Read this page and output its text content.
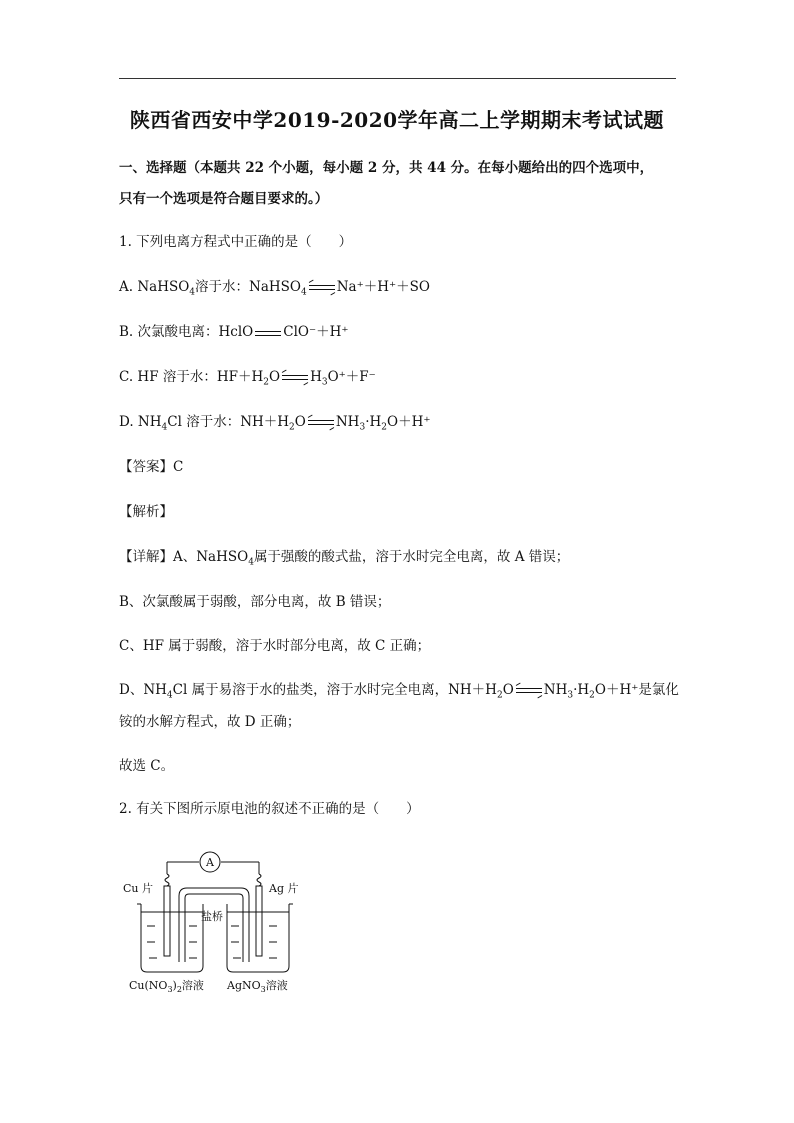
陕西省西安中学2019-2020学年高二上学期期末考试试题
一、选择题（本题共 22 个小题，每小题 2 分，共 44 分。在每小题给出的四个选项中，
只有一个选项是符合题目要求的。）
1. 下列电离方程式中正确的是（　　）
A. NaHSO$_4$溶于水：NaHSO$_4$ Na⁺＋H⁺＋SO
B. 次氯酸电离：HclO ClO⁻＋H⁺
C. HF 溶于水：$HF+H_2O$ $H_3O^++F^-$
D. $NH_4Cl$ 溶于水：$NH+H_2O$ $NH_3\cdot H_2O+H^+$
【答案】C
【解析】
【详解】A、NaHSO$_4$属于强酸的酸式盐，溶于水时完全电离，故 A 错误；
B、次氯酸属于弱酸，部分电离，故 B 错误；
C、HF 属于弱酸，溶于水时部分电离，故 C 正确；
D、$NH_4Cl$ 属于易溶于水的盐类，溶于水时完全电离，$NH+H_2O$ $NH_3\cdot H_2O+H^+$是氯化
铵的水解方程式，故 D 正确；
故选 C。
2. 有关下图所示原电池的叙述不正确的是（　　）
A
Cu 片	Ag 片
盐桥
$Cu(NO_3)_2$溶液 AgNO$_3$溶液
